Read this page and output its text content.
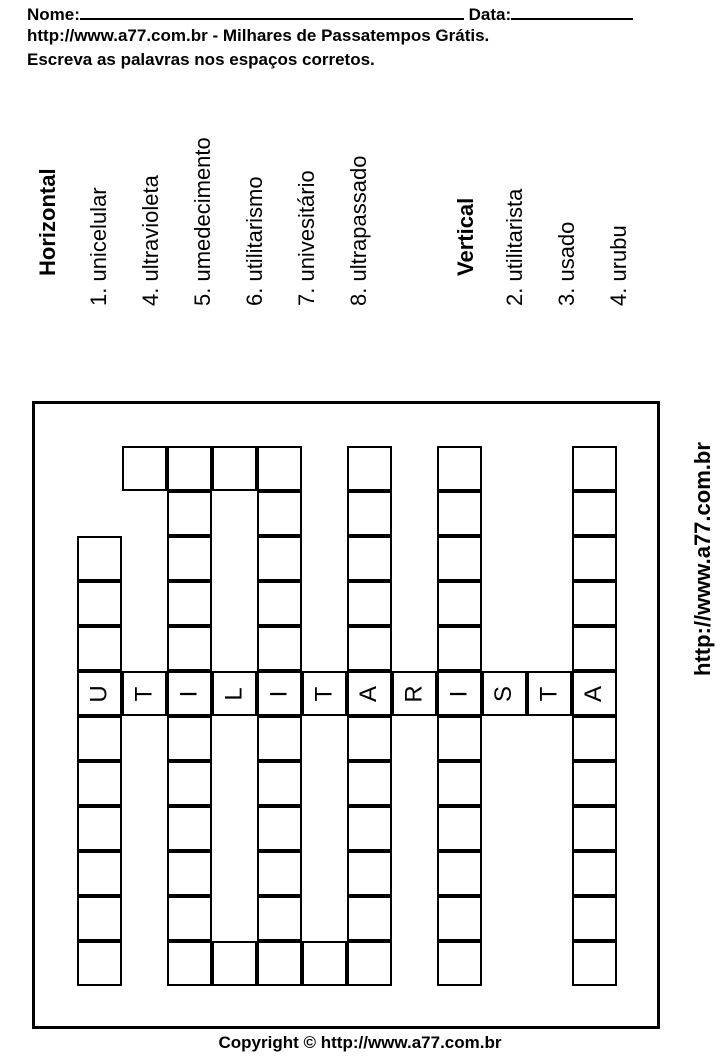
Nome:	Data:
http://www.a77.com.br - Milhares de Passatempos Grátis.
Escreva as palavras nos espaços corretos.
Horizontal 1. unicelular 4. ultravioleta 5. umedecimento 6. utilitarismo 7. univesitário 8. ultrapassado	Vertical 2. utilitarista 3. usado 4. urubu
U T I L I T A R I S T A
http://www.a77.com.br
Copyright © http://www.a77.com.br
